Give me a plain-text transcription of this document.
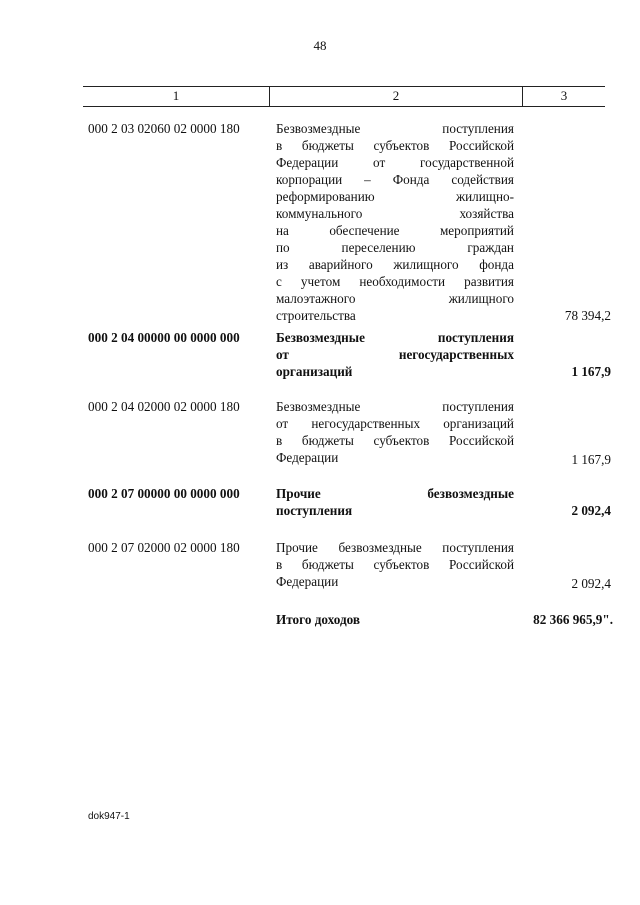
48
1	2	3
000 2 03 02060 02 0000 180	Безвозмездные поступления
в бюджеты субъектов Российской
Федерации от государственной
корпорации – Фонда содействия
реформированию жилищно-
коммунального хозяйства
на обеспечение мероприятий
по переселению граждан
из аварийного жилищного фонда
с учетом необходимости развития
малоэтажного жилищного
строительства	78 394,2
000 2 04 00000 00 0000 000	Безвозмездные поступления
от негосударственных
организаций	1 167,9
000 2 04 02000 02 0000 180	Безвозмездные поступления
от негосударственных организаций
в бюджеты субъектов Российской
Федерации	1 167,9
000 2 07 00000 00 0000 000	Прочие безвозмездные
поступления	2 092,4
000 2 07 02000 02 0000 180	Прочие безвозмездные поступления
в бюджеты субъектов Российской
Федерации	2 092,4
Итого доходов	82 366 965,9".
dok947-1
